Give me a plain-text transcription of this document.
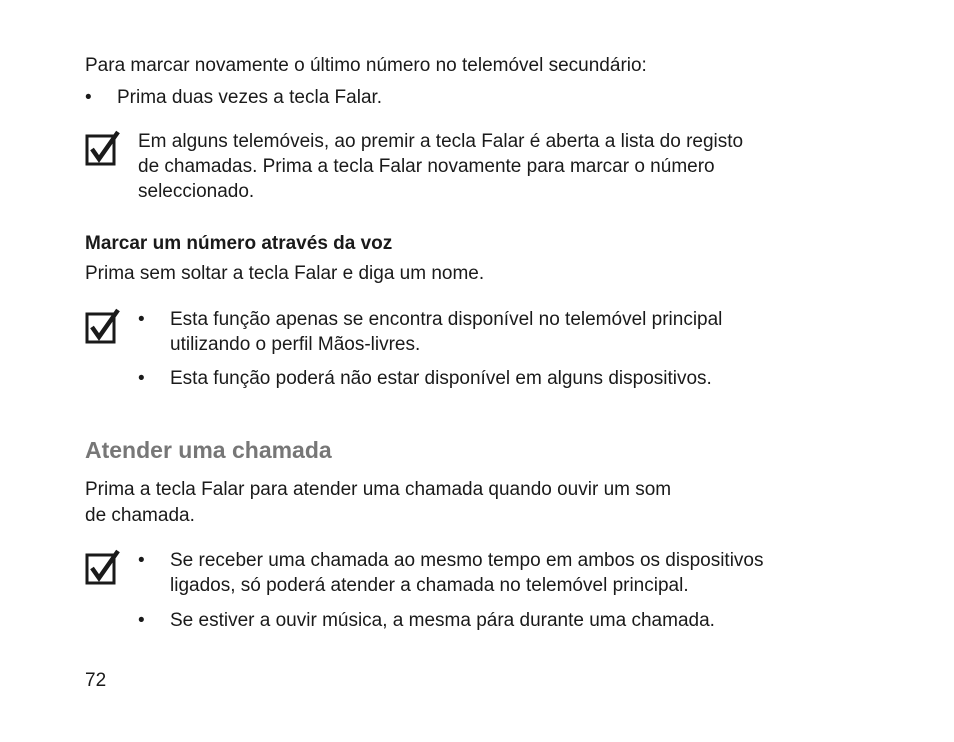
Para marcar novamente o último número no telemóvel secundário:
• Prima duas vezes a tecla Falar.
Em alguns telemóveis, ao premir a tecla Falar é aberta a lista do registo
de chamadas. Prima a tecla Falar novamente para marcar o número
seleccionado.
Marcar um número através da voz
Prima sem soltar a tecla Falar e diga um nome.
• Esta função apenas se encontra disponível no telemóvel principal
utilizando o perfil Mãos-livres.
• Esta função poderá não estar disponível em alguns dispositivos.
Atender uma chamada
Prima a tecla Falar para atender uma chamada quando ouvir um som
de chamada.
• Se receber uma chamada ao mesmo tempo em ambos os dispositivos
ligados, só poderá atender a chamada no telemóvel principal.
• Se estiver a ouvir música, a mesma pára durante uma chamada.
72
